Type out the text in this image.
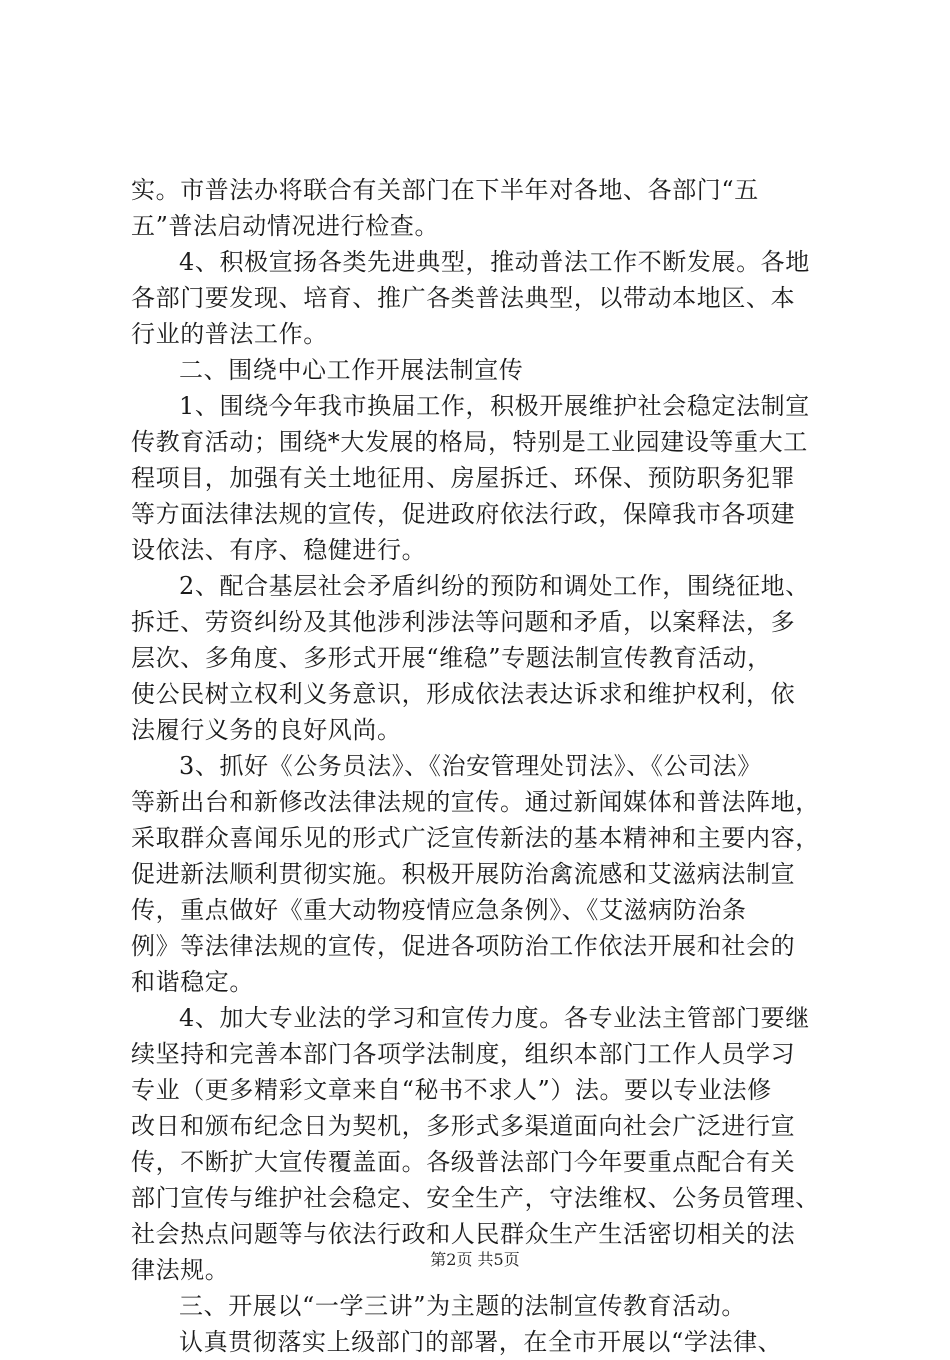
实。市普法办将联合有关部门在下半年对各地、各部门“五
五”普法启动情况进行检查。
4、积极宣扬各类先进典型，推动普法工作不断发展。各地
各部门要发现、培育、推广各类普法典型，以带动本地区、本
行业的普法工作。
二、围绕中心工作开展法制宣传
1、围绕今年我市换届工作，积极开展维护社会稳定法制宣
传教育活动；围绕*大发展的格局，特别是工业园建设等重大工
程项目，加强有关土地征用、房屋拆迁、环保、预防职务犯罪
等方面法律法规的宣传，促进政府依法行政，保障我市各项建
设依法、有序、稳健进行。
2、配合基层社会矛盾纠纷的预防和调处工作，围绕征地、
拆迁、劳资纠纷及其他涉利涉法等问题和矛盾，以案释法，多
层次、多角度、多形式开展“维稳”专题法制宣传教育活动，
使公民树立权利义务意识，形成依法表达诉求和维护权利，依
法履行义务的良好风尚。
3、抓好《公务员法》、《治安管理处罚法》、《公司法》
等新出台和新修改法律法规的宣传。通过新闻媒体和普法阵地，
采取群众喜闻乐见的形式广泛宣传新法的基本精神和主要内容，
促进新法顺利贯彻实施。积极开展防治禽流感和艾滋病法制宣
传，重点做好《重大动物疫情应急条例》、《艾滋病防治条
例》等法律法规的宣传，促进各项防治工作依法开展和社会的
和谐稳定。
4、加大专业法的学习和宣传力度。各专业法主管部门要继
续坚持和完善本部门各项学法制度，组织本部门工作人员学习
专业（更多精彩文章来自“秘书不求人”）法。要以专业法修
改日和颁布纪念日为契机，多形式多渠道面向社会广泛进行宣
传，不断扩大宣传覆盖面。各级普法部门今年要重点配合有关
部门宣传与维护社会稳定、安全生产，守法维权、公务员管理、
社会热点问题等与依法行政和人民群众生产生活密切相关的法
律法规。
三、开展以“一学三讲”为主题的法制宣传教育活动。
认真贯彻落实上级部门的部署，在全市开展以“学法律、
第2页 共5页
